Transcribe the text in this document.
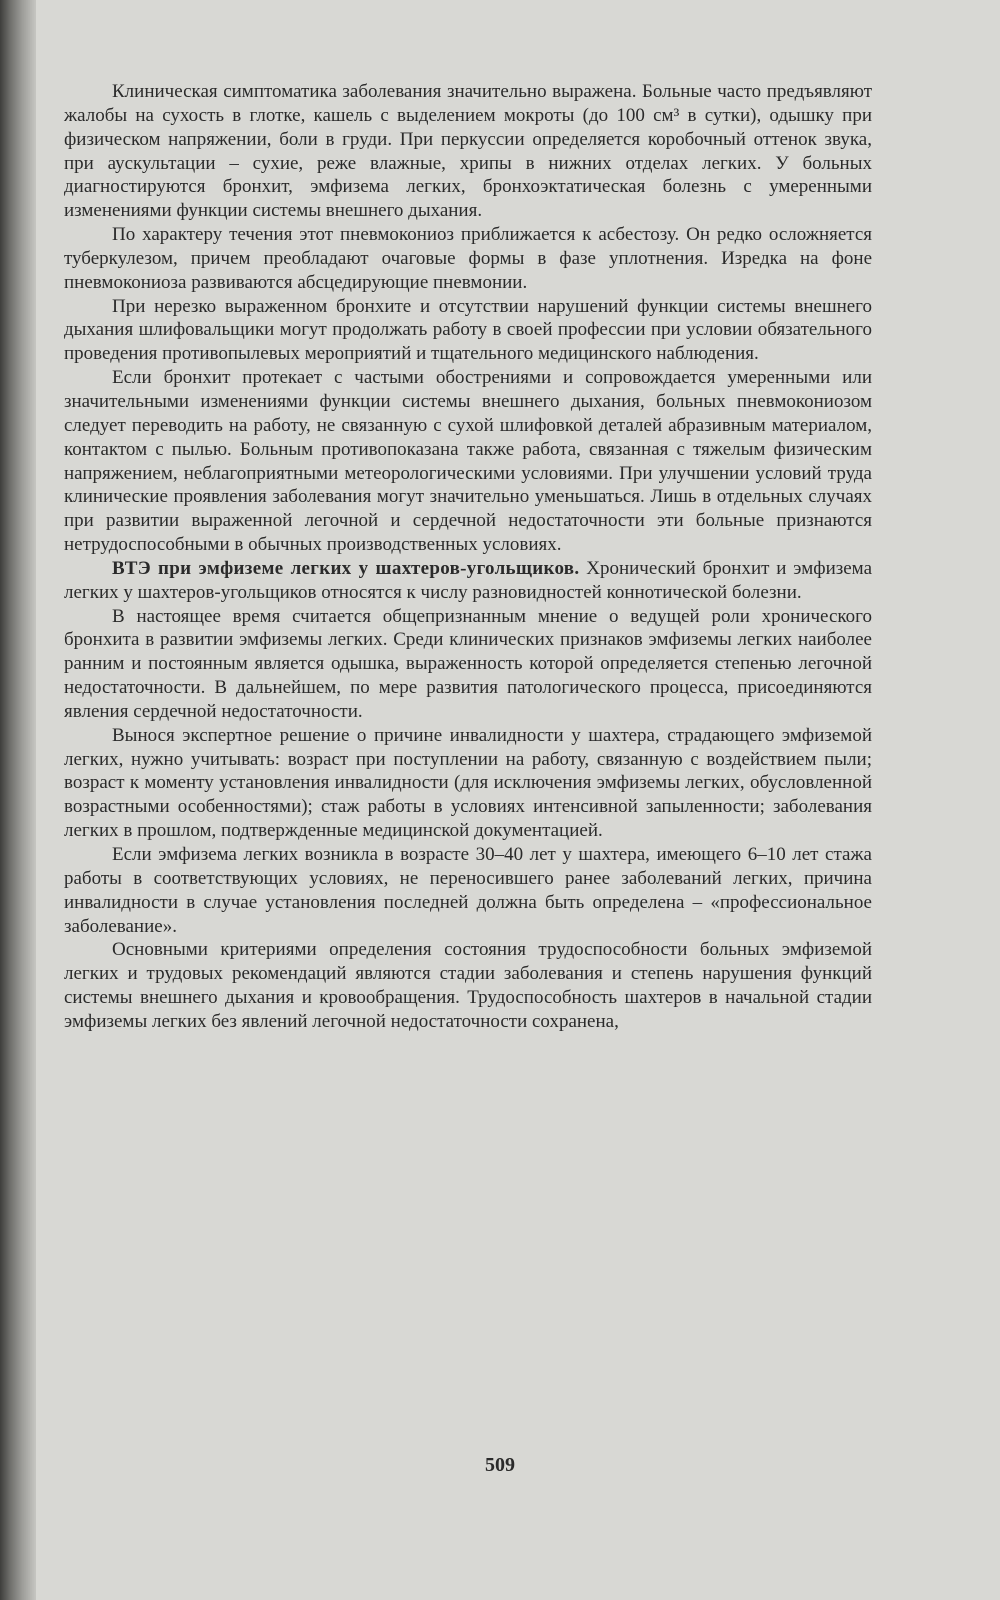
Клиническая симптоматика заболевания значительно выражена. Больные часто предъявляют жалобы на сухость в глотке, кашель с выделением мокроты (до 100 см³ в сутки), одышку при физическом напряжении, боли в груди. При перкуссии определяется коробочный оттенок звука, при аускультации – сухие, реже влажные, хрипы в нижних отделах легких. У больных диагностируются бронхит, эмфизема легких, бронхоэктатическая болезнь с умеренными изменениями функции системы внешнего дыхания.

По характеру течения этот пневмокониоз приближается к асбестозу. Он редко осложняется туберкулезом, причем преобладают очаговые формы в фазе уплотнения. Изредка на фоне пневмокониоза развиваются абсцедирующие пневмонии.

При нерезко выраженном бронхите и отсутствии нарушений функции системы внешнего дыхания шлифовальщики могут продолжать работу в своей профессии при условии обязательного проведения противопылевых мероприятий и тщательного медицинского наблюдения.

Если бронхит протекает с частыми обострениями и сопровождается умеренными или значительными изменениями функции системы внешнего дыхания, больных пневмокониозом следует переводить на работу, не связанную с сухой шлифовкой деталей абразивным материалом, контактом с пылью. Больным противопоказана также работа, связанная с тяжелым физическим напряжением, неблагоприятными метеорологическими условиями. При улучшении условий труда клинические проявления заболевания могут значительно уменьшаться. Лишь в отдельных случаях при развитии выраженной легочной и сердечной недостаточности эти больные признаются нетрудоспособными в обычных производственных условиях.

ВТЭ при эмфиземе легких у шахтеров-угольщиков. Хронический бронхит и эмфизема легких у шахтеров-угольщиков относятся к числу разновидностей коннотической болезни.

В настоящее время считается общепризнанным мнение о ведущей роли хронического бронхита в развитии эмфиземы легких. Среди клинических признаков эмфиземы легких наиболее ранним и постоянным является одышка, выраженность которой определяется степенью легочной недостаточности. В дальнейшем, по мере развития патологического процесса, присоединяются явления сердечной недостаточности.

Вынося экспертное решение о причине инвалидности у шахтера, страдающего эмфиземой легких, нужно учитывать: возраст при поступлении на работу, связанную с воздействием пыли; возраст к моменту установления инвалидности (для исключения эмфиземы легких, обусловленной возрастными особенностями); стаж работы в условиях интенсивной запыленности; заболевания легких в прошлом, подтвержденные медицинской документацией.

Если эмфизема легких возникла в возрасте 30–40 лет у шахтера, имеющего 6–10 лет стажа работы в соответствующих условиях, не переносившего ранее заболеваний легких, причина инвалидности в случае установления последней должна быть определена – «профессиональное заболевание».

Основными критериями определения состояния трудоспособности больных эмфиземой легких и трудовых рекомендаций являются стадии заболевания и степень нарушения функций системы внешнего дыхания и кровообращения. Трудоспособность шахтеров в начальной стадии эмфиземы легких без явлений легочной недостаточности сохранена,

509
